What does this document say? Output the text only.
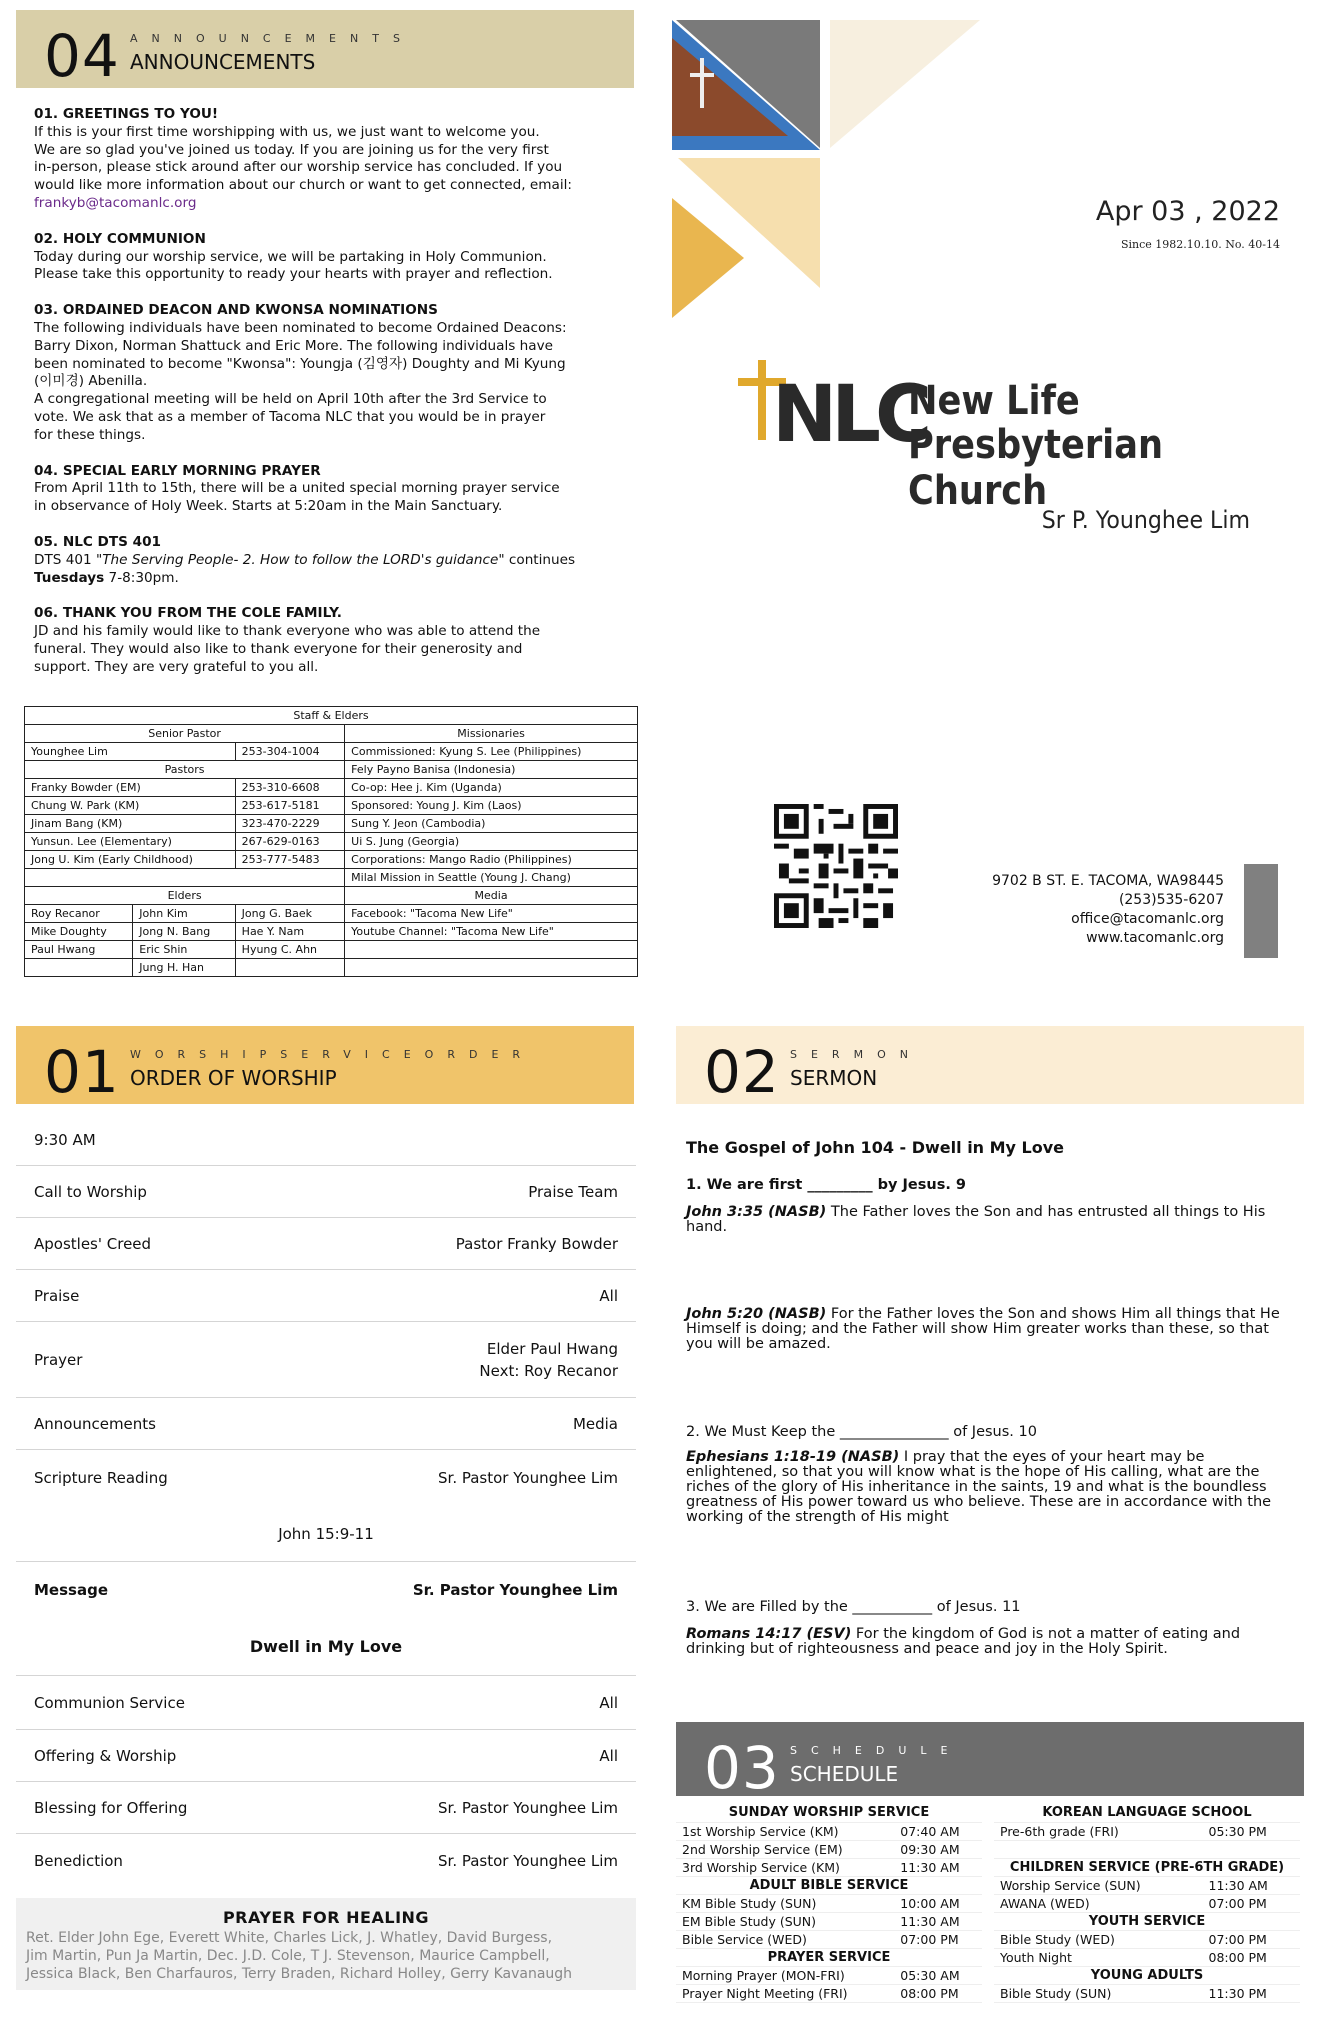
04 ANNOUNCEMENTS
ANNOUNCEMENTS
01. GREETINGS TO YOU!
If this is your first time worshipping with us, we just want to welcome you.
We are so glad you've joined us today. If you are joining us for the very first
in-person, please stick around after our worship service has concluded. If you
would like more information about our church or want to get connected, email:
frankyb@tacomanlc.org
02. HOLY COMMUNION
Today during our worship service, we will be partaking in Holy Communion.
Please take this opportunity to ready your hearts with prayer and reflection.
03. ORDAINED DEACON AND KWONSA NOMINATIONS
The following individuals have been nominated to become Ordained Deacons:
Barry Dixon, Norman Shattuck and Eric More. The following individuals have
been nominated to become "Kwonsa": Youngja (김영자) Doughty and Mi Kyung
(이미경) Abenilla.
A congregational meeting will be held on April 10th after the 3rd Service to
vote. We ask that as a member of Tacoma NLC that you would be in prayer
for these things.
04. SPECIAL EARLY MORNING PRAYER
From April 11th to 15th, there will be a united special morning prayer service
in observance of Holy Week. Starts at 5:20am in the Main Sanctuary.
05. NLC DTS 401
DTS 401 "The Serving People- 2. How to follow the LORD's guidance" continues
Tuesdays 7-8:30pm.
06. THANK YOU FROM THE COLE FAMILY.
JD and his family would like to thank everyone who was able to attend the
funeral. They would also like to thank everyone for their generosity and
support. They are very grateful to you all.
Staff & Elders			
Senior Pastor			Missionaries
Younghee Lim		253-304-1004	Commissioned: Kyung S. Lee (Philippines)
Pastors			Fely Payno Banisa (Indonesia)
Franky Bowder (EM)		253-310-6608	Co-op: Hee j. Kim (Uganda)
Chung W. Park (KM)		253-617-5181	Sponsored: Young J. Kim (Laos)
Jinam Bang (KM)		323-470-2229	Sung Y. Jeon (Cambodia)
Yunsun. Lee (Elementary)		267-629-0163	Ui S. Jung (Georgia)
Jong U. Kim (Early Childhood)		253-777-5483	Corporations: Mango Radio (Philippines)
			Milal Mission in Seattle (Young J. Chang)
Elders			Media
Roy Recanor	John Kim	Jong G. Baek	Facebook: "Tacoma New Life"
Mike Doughty	Jong N. Bang	Hae Y. Nam	Youtube Channel: "Tacoma New Life"
Paul Hwang	Eric Shin	Hyung C. Ahn	
	Jung H. Han		
Apr 03 , 2022
Since 1982.10.10. No. 40-14
NLC
New Life
Presbyterian Church
Sr P. Younghee Lim
9702 B ST. E. TACOMA, WA98445
(253)535-6207
office@tacomanlc.org
www.tacomanlc.org
01 WORSHIPSERVICEORDER
ORDER OF WORSHIP
9:30 AM
Call to Worship	Praise Team
Apostles' Creed	Pastor Franky Bowder
Praise	All
Prayer
Elder Paul Hwang
Next: Roy Recanor
Announcements	Media
Scripture Reading	Sr. Pastor Younghee Lim
John 15:9-11
Message	Sr. Pastor Younghee Lim
Dwell in My Love
Communion Service	All
Offering & Worship	All
Blessing for Offering	Sr. Pastor Younghee Lim
Benediction	Sr. Pastor Younghee Lim
PRAYER FOR HEALING
Ret. Elder John Ege, Everett White, Charles Lick, J. Whatley, David Burgess,
Jim Martin, Pun Ja Martin, Dec. J.D. Cole, T J. Stevenson, Maurice Campbell,
Jessica Black, Ben Charfauros, Terry Braden, Richard Holley, Gerry Kavanaugh
02 SERMON
SERMON
The Gospel of John 104 - Dwell in My Love
1. We are first _________ by Jesus. 9
John 3:35 (NASB) The Father loves the Son and has entrusted all things to His hand.
John 5:20 (NASB) For the Father loves the Son and shows Him all things that He Himself is doing; and the Father will show Him greater works than these, so that you will be amazed.
2. We Must Keep the _______________ of Jesus. 10
Ephesians 1:18-19 (NASB) I pray that the eyes of your heart may be enlightened, so that you will know what is the hope of His calling, what are the riches of the glory of His inheritance in the saints, 19 and what is the boundless greatness of His power toward us who believe. These are in accordance with the working of the strength of His might
3. We are Filled by the ___________ of Jesus. 11
Romans 14:17 (ESV) For the kingdom of God is not a matter of eating and drinking but of righteousness and peace and joy in the Holy Spirit.
03 SCHEDULE
SCHEDULE
SUNDAY WORSHIP SERVICE	
1st Worship Service (KM)	07:40 AM
2nd Worship Service (EM)	09:30 AM
3rd Worship Service (KM)	11:30 AM
ADULT BIBLE SERVICE	
KM Bible Study (SUN)	10:00 AM
EM Bible Study (SUN)	11:30 AM
Bible Service (WED)	07:00 PM
PRAYER SERVICE	
Morning Prayer (MON-FRI)	05:30 AM
Prayer Night Meeting (FRI)	08:00 PM
KOREAN LANGUAGE SCHOOL	
Pre-6th grade (FRI)	05:30 PM

CHILDREN SERVICE (PRE-6TH GRADE)	
Worship Service (SUN)	11:30 AM
AWANA (WED)	07:00 PM
YOUTH SERVICE	
Bible Study (WED)	07:00 PM
Youth Night	08:00 PM
YOUNG ADULTS	
Bible Study (SUN)	11:30 PM
